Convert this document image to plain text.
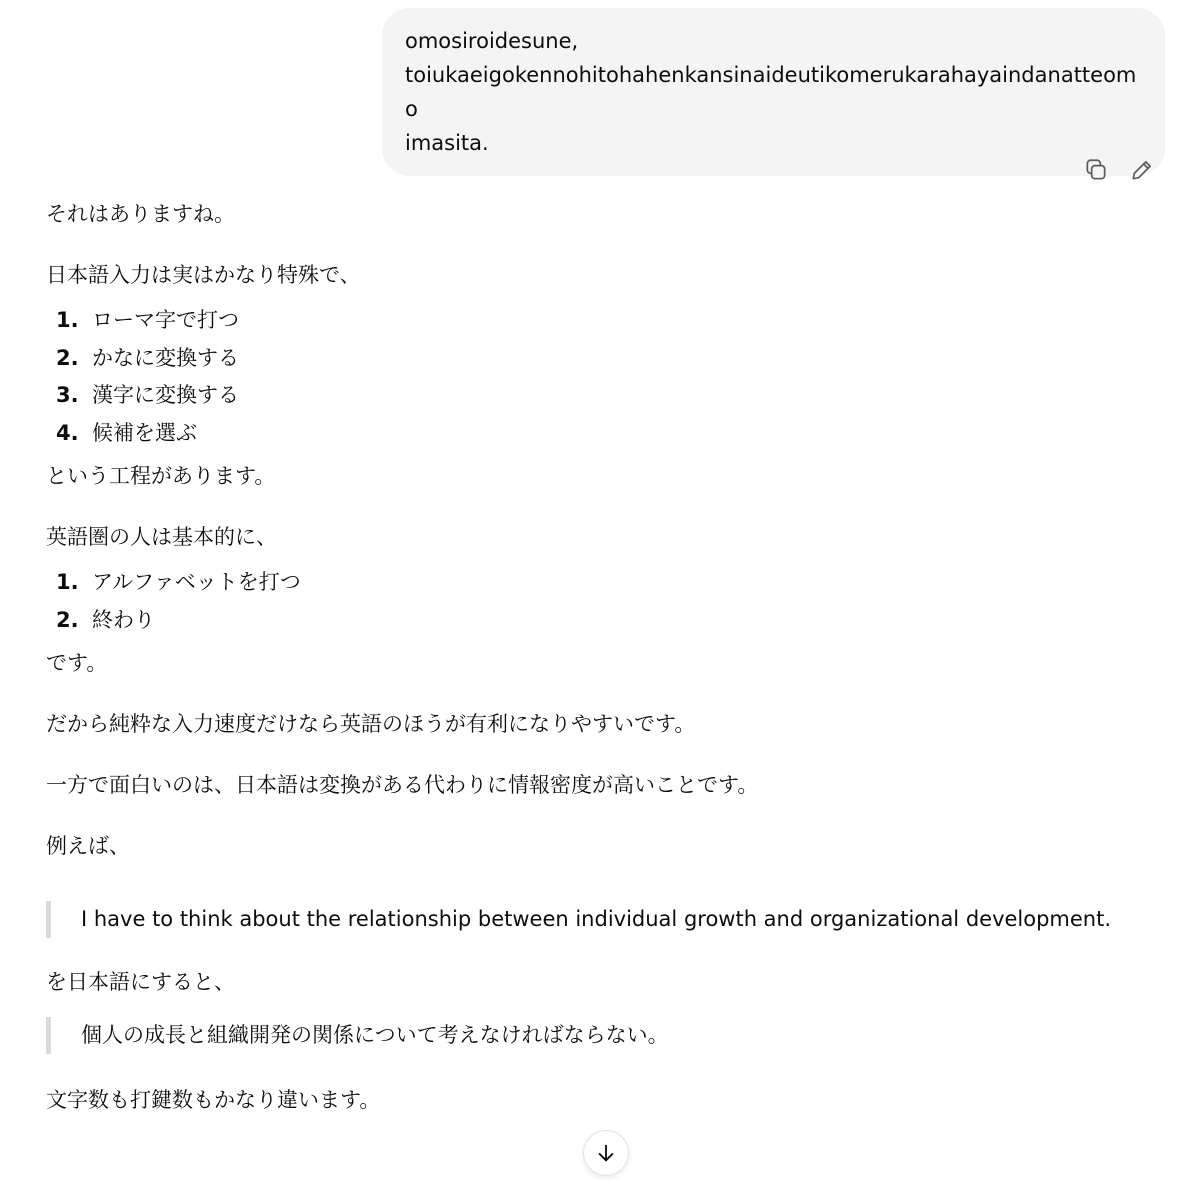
omosiroidesune,
toiukaeigokennohitohahenkansinaideutikomerukarahayaindanatteomo
imasita.

それはありますね。

日本語入力は実はかなり特殊で、

1. ローマ字で打つ
2. かなに変換する
3. 漢字に変換する
4. 候補を選ぶ

という工程があります。

英語圏の人は基本的に、

1. アルファベットを打つ
2. 終わり

です。

だから純粋な入力速度だけなら英語のほうが有利になりやすいです。

一方で面白いのは、日本語は変換がある代わりに情報密度が高いことです。

例えば、

I have to think about the relationship between individual growth and organizational development.

を日本語にすると、

個人の成長と組織開発の関係について考えなければならない。

文字数も打鍵数もかなり違います。
